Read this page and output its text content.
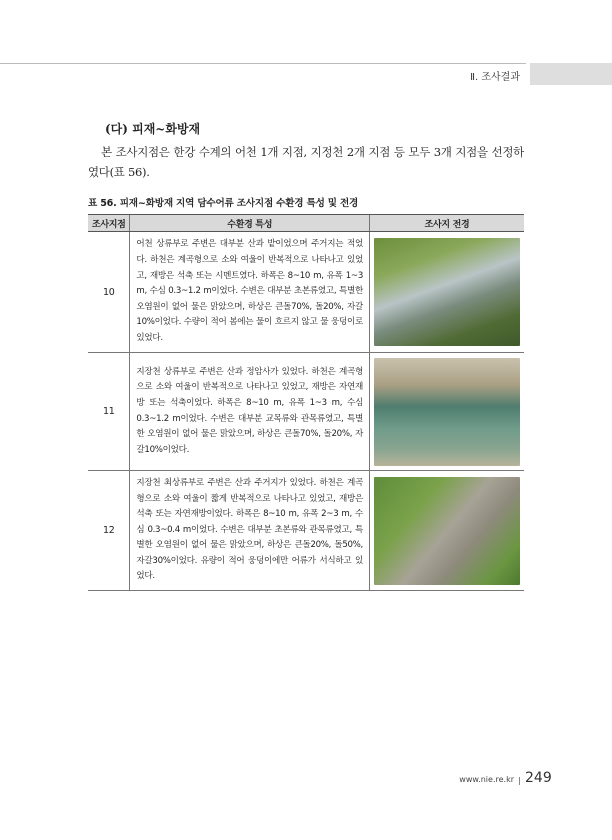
Ⅱ. 조사결과
(다) 피재~화방재

본 조사지점은 한강 수계의 어천 1개 지점, 지정천 2개 지점 등 모두 3개 지점을 선정하였다(표 56).

표 56. 피재~화방재 지역 담수어류 조사지점 수환경 특성 및 전경
조사지점	수환경 특성	조사지 전경
10	어천 상류부로 주변은 대부분 산과 밭이었으며 주거지는 적었다. 하천은 계곡형으로 소와 여울이 반복적으로 나타나고 있었고, 재방은 석축 또는 시멘트였다. 하폭은 8~10 m, 유폭 1~3 m, 수심 0.3~1.2 m이었다. 수변은 대부분 초본류였고, 특별한 오염원이 없어 물은 맑았으며, 하상은 큰돌70%, 돌20%, 자갈10%이었다. 수량이 적어 봄에는 물이 흐르지 않고 물 웅덩이로 있었다.	

11	지장천 상류부로 주변은 산과 정암사가 있었다. 하천은 계곡형으로 소와 여울이 반복적으로 나타나고 있었고, 재방은 자연재방 또는 석축이었다. 하폭은 8~10 m, 유폭 1~3 m, 수심 0.3~1.2 m이었다. 수변은 대부분 교목류와 관목류였고, 특별한 오염원이 없어 물은 맑았으며, 하상은 큰돌70%, 돌20%, 자갈10%이었다.	

12	지장천 최상류부로 주변은 산과 주거지가 있었다. 하천은 계곡형으로 소와 여울이 짧게 반복적으로 나타나고 있었고, 재방은 석축 또는 자연재방이었다. 하폭은 8~10 m, 유폭 2~3 m, 수심 0.3~0.4 m이었다. 수변은 대부분 초본류와 관목류였고, 특별한 오염원이 없어 물은 맑았으며, 하상은 큰돌20%, 돌50%, 자갈30%이었다. 유량이 적어 웅덩이에만 어류가 서식하고 있었다.	
www.nie.re.kr 249
